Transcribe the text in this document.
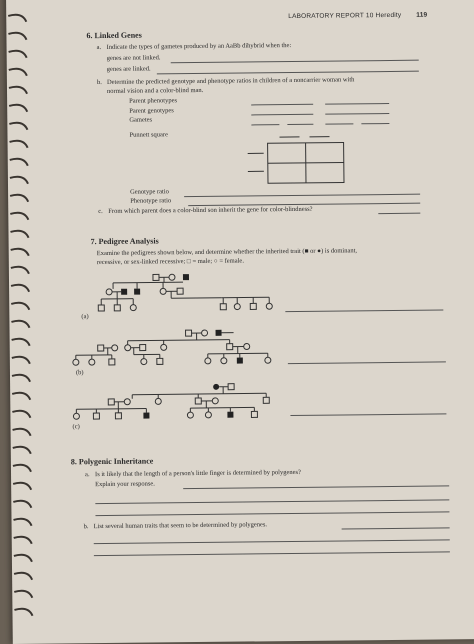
LABORATORY REPORT 10 Heredity 119
6. Linked Genes
a. Indicate the types of gametes produced by an AaBb dihybrid when the:
genes are not linked.
genes are linked.
b. Determine the predicted genotype and phenotype ratios in children of a noncarrier woman with
normal vision and a color-blind man.
Parent phenotypes
Parent genotypes
Gametes
Punnett square
Genotype ratio
Phenotype ratio
c. From which parent does a color-blind son inherit the gene for color-blindness?
7. Pedigree Analysis
Examine the pedigrees shown below, and determine whether the inherited trait (■ or ●) is dominant,
recessive, or sex-linked recessive; □ = male; ○ = female.
(a)
(b)
(c)
8. Polygenic Inheritance
a. Is it likely that the length of a person's little finger is determined by polygenes?
Explain your response.
b. List several human traits that seem to be determined by polygenes.
